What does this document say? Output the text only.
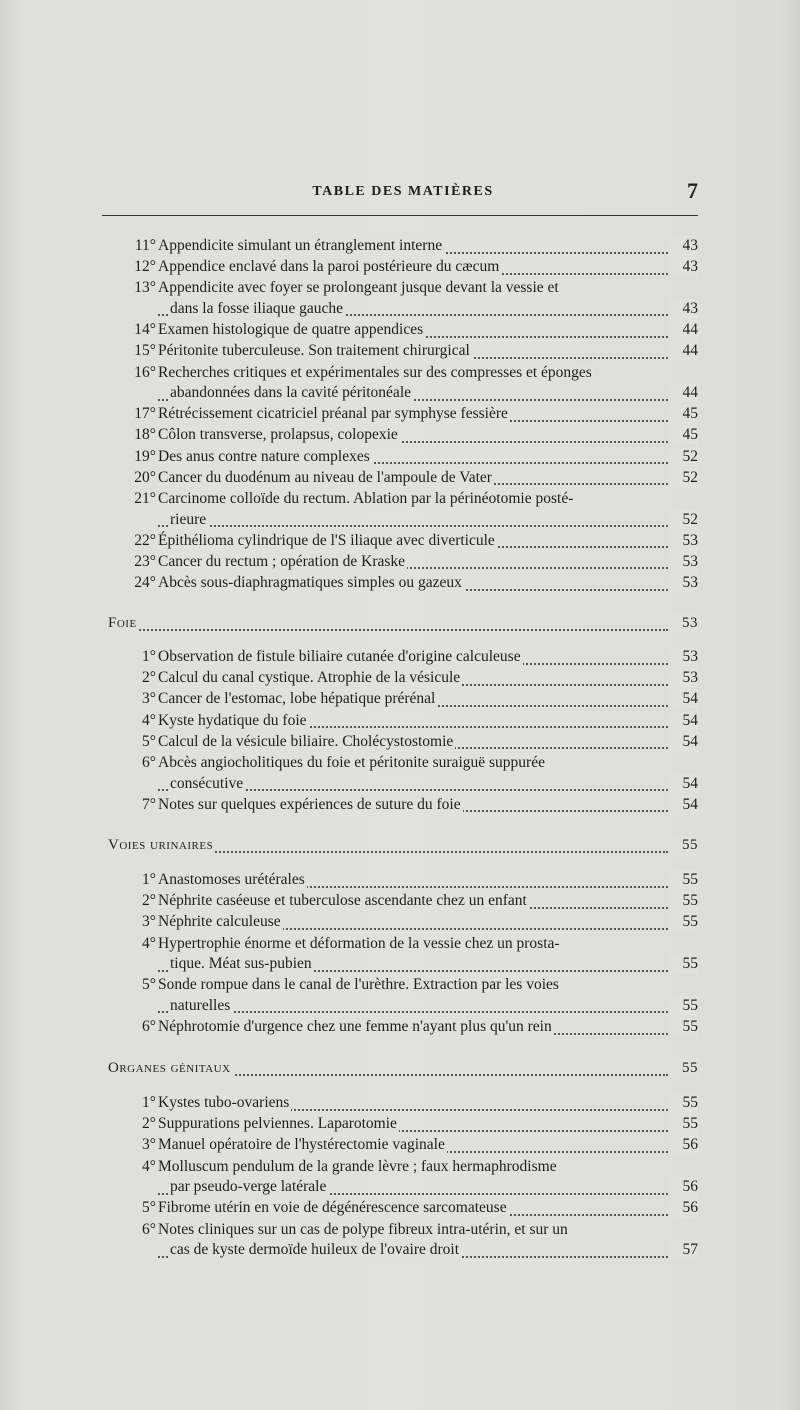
TABLE DES MATIÈRES	7
11° Appendicite simulant un étranglement interne	43
12° Appendice enclavé dans la paroi postérieure du cæcum	43
13° Appendicite avec foyer se prolongeant jusque devant la vessie et
dans la fosse iliaque gauche	43
14° Examen histologique de quatre appendices	44
15° Péritonite tuberculeuse. Son traitement chirurgical	44
16° Recherches critiques et expérimentales sur des compresses et éponges
abandonnées dans la cavité péritonéale	44
17° Rétrécissement cicatriciel préanal par symphyse fessière	45
18° Côlon transverse, prolapsus, colopexie	45
19° Des anus contre nature complexes	52
20° Cancer du duodénum au niveau de l'ampoule de Vater	52
21° Carcinome colloïde du rectum. Ablation par la périnéotomie posté-
rieure	52
22° Épithélioma cylindrique de l'S iliaque avec diverticule	53
23° Cancer du rectum ; opération de Kraske	53
24° Abcès sous-diaphragmatiques simples ou gazeux	53
Foie	53
1° Observation de fistule biliaire cutanée d'origine calculeuse	53
2° Calcul du canal cystique. Atrophie de la vésicule	53
3° Cancer de l'estomac, lobe hépatique prérénal	54
4° Kyste hydatique du foie	54
5° Calcul de la vésicule biliaire. Cholécystostomie	54
6° Abcès angiocholitiques du foie et péritonite suraiguë suppurée
consécutive	54
7° Notes sur quelques expériences de suture du foie	54
Voies urinaires	55
1° Anastomoses urétérales	55
2° Néphrite caséeuse et tuberculose ascendante chez un enfant	55
3° Néphrite calculeuse	55
4° Hypertrophie énorme et déformation de la vessie chez un prosta-
tique. Méat sus-pubien	55
5° Sonde rompue dans le canal de l'urèthre. Extraction par les voies
naturelles	55
6° Néphrotomie d'urgence chez une femme n'ayant plus qu'un rein	55
Organes génitaux	55
1° Kystes tubo-ovariens	55
2° Suppurations pelviennes. Laparotomie	55
3° Manuel opératoire de l'hystérectomie vaginale	56
4° Molluscum pendulum de la grande lèvre ; faux hermaphrodisme
par pseudo-verge latérale	56
5° Fibrome utérin en voie de dégénérescence sarcomateuse	56
6° Notes cliniques sur un cas de polype fibreux intra-utérin, et sur un
cas de kyste dermoïde huileux de l'ovaire droit	57
